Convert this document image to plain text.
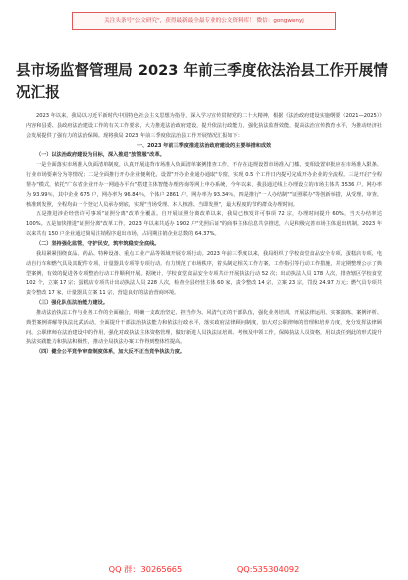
关注头条号"公文研究"，获得最新最全最专业的公文资料库！ 微信：gongwenyj
县市场监督管理局 2023 年前三季度依法治县工作开展情况汇报

2023 年以来，我局以习近平新时代中国特色社会主义思想为指导，深入学习宣传贯彻党的二十大精神，根据《法治政府建设实施纲要（2021—2025）》内容和县委、县政府法治建设工作的有关工作要求，大力推进法治政府建设，提升依法行政能力，强化执法监督效能，提高法治宣传教育水平，为推动经济社会发展提供了强有力的法治保障。现将我局 2023 年前三季度依法治县工作开展情况汇报如下：

一、2023 年前三季度推进法治政府建设的主要举措和成效

（一）以法治政府建设为目标，深入推进"放管服"改革。

一是全面落实市场准入负面清单制度。认真开展违背市场准入负面清单案例排查工作，不存在违规设置市场准入门槛、变相设置审批应在市场准入限条、行业市场要素分为等情况；二是全面推行开办企业便利化，设置"开办企业通办通取"专窗，实现 0.5 个工作日内提可完成开办企业的全流程。三是开启"全程帮办"模式，依托"广东省企业开办一网通办平台"搭建主体智能办理咨询等网上申办系统，今年以来，我县通过线上办理设立的市场主体共 3536 户，网办率为 93.99％，其中企业 675 户，网办率为 96.84％，个体户 2861 户，网办率为 93.34％。四是推行"一人办结制""证照联办"等创新举措，从受理、审查、核准到发照，全程均由一个登记人员承办到底，实现"当场受理、本人核准、当即发照"，最大程度的节约群众办理时间。

五是推进涉企经营许可事项"证照分离"改革全覆盖。自开展证照分离改革以来，我局已核发许可事项 72 宗，办理时间提升 60%，当天办结率达 100%。五是加快推进"证照分离"改革工作。2023 年以来共适办 1902 户"先照后证"的商事主体信息共享推送，六是积极完善市场主体退出机制。2023 年以来共有 150 户企业通过简易注销程序退出市场，占同期注销企业总数的 64.37%。

（二）坚持强化监管，守护民安，筑牢筑稳安全底线。

我局紧紧围绕食品、药品、特种设备、重点工业产品等领域开展专项行动。2023 年前三季度以来，我局组织了学校食堂食品安全专项、蛋糕店专项、电动自行车和燃气具及其配件专项，计量器具专项等专项行动，有力规范了市场秩序，着头制定相关工作方案，工作指引等行动工作措施，并定期整理公示了典型案例，有效的促进各专项整治行动工作顺利开展。据统计，学校食堂食品安全专项共计开展执法行动 52 次；出动执法人员 178 人次，排查辖区学校食堂 102 个，立案 17 宗；蛋糕店专项共计出动执法人员 228 人次，检查全县经营主体 60 家，责令整改 14 宗，立案 23 宗，罚没 24.97 万元；燃气具专项共责令整改 17 家，计量器具立案 11 宗，营造良好的法治营商环境。

（三）强化队伍法治能力建设。

推动法治执法工作与业务工作的全面融合，明确一支政治坚定、担当作为、风清气正的干部队伍，强化业务培训，开展法律运用、实案演练、案例评析、典型案例讲解等执法比武活动，全面提升干部法治执法能力和依法行政水平，落实政府法律顾问制度，加大对公职律师的管理和培养力度，充分发挥法律顾问、公职律师在法治建设中的作用，强化对政执法主体资格管理，做好新进人员执法证培训、考核及申领工作。保障执法人员资格，用以责任到此的形式提升执法实践能力和执法积极性，推动全局执法办案工作得到整体性提高。

（四）健全公平竞争审查制度体系，加大反不正当竞争执法力度。

QQ 群：30265665	QQ:535304092
